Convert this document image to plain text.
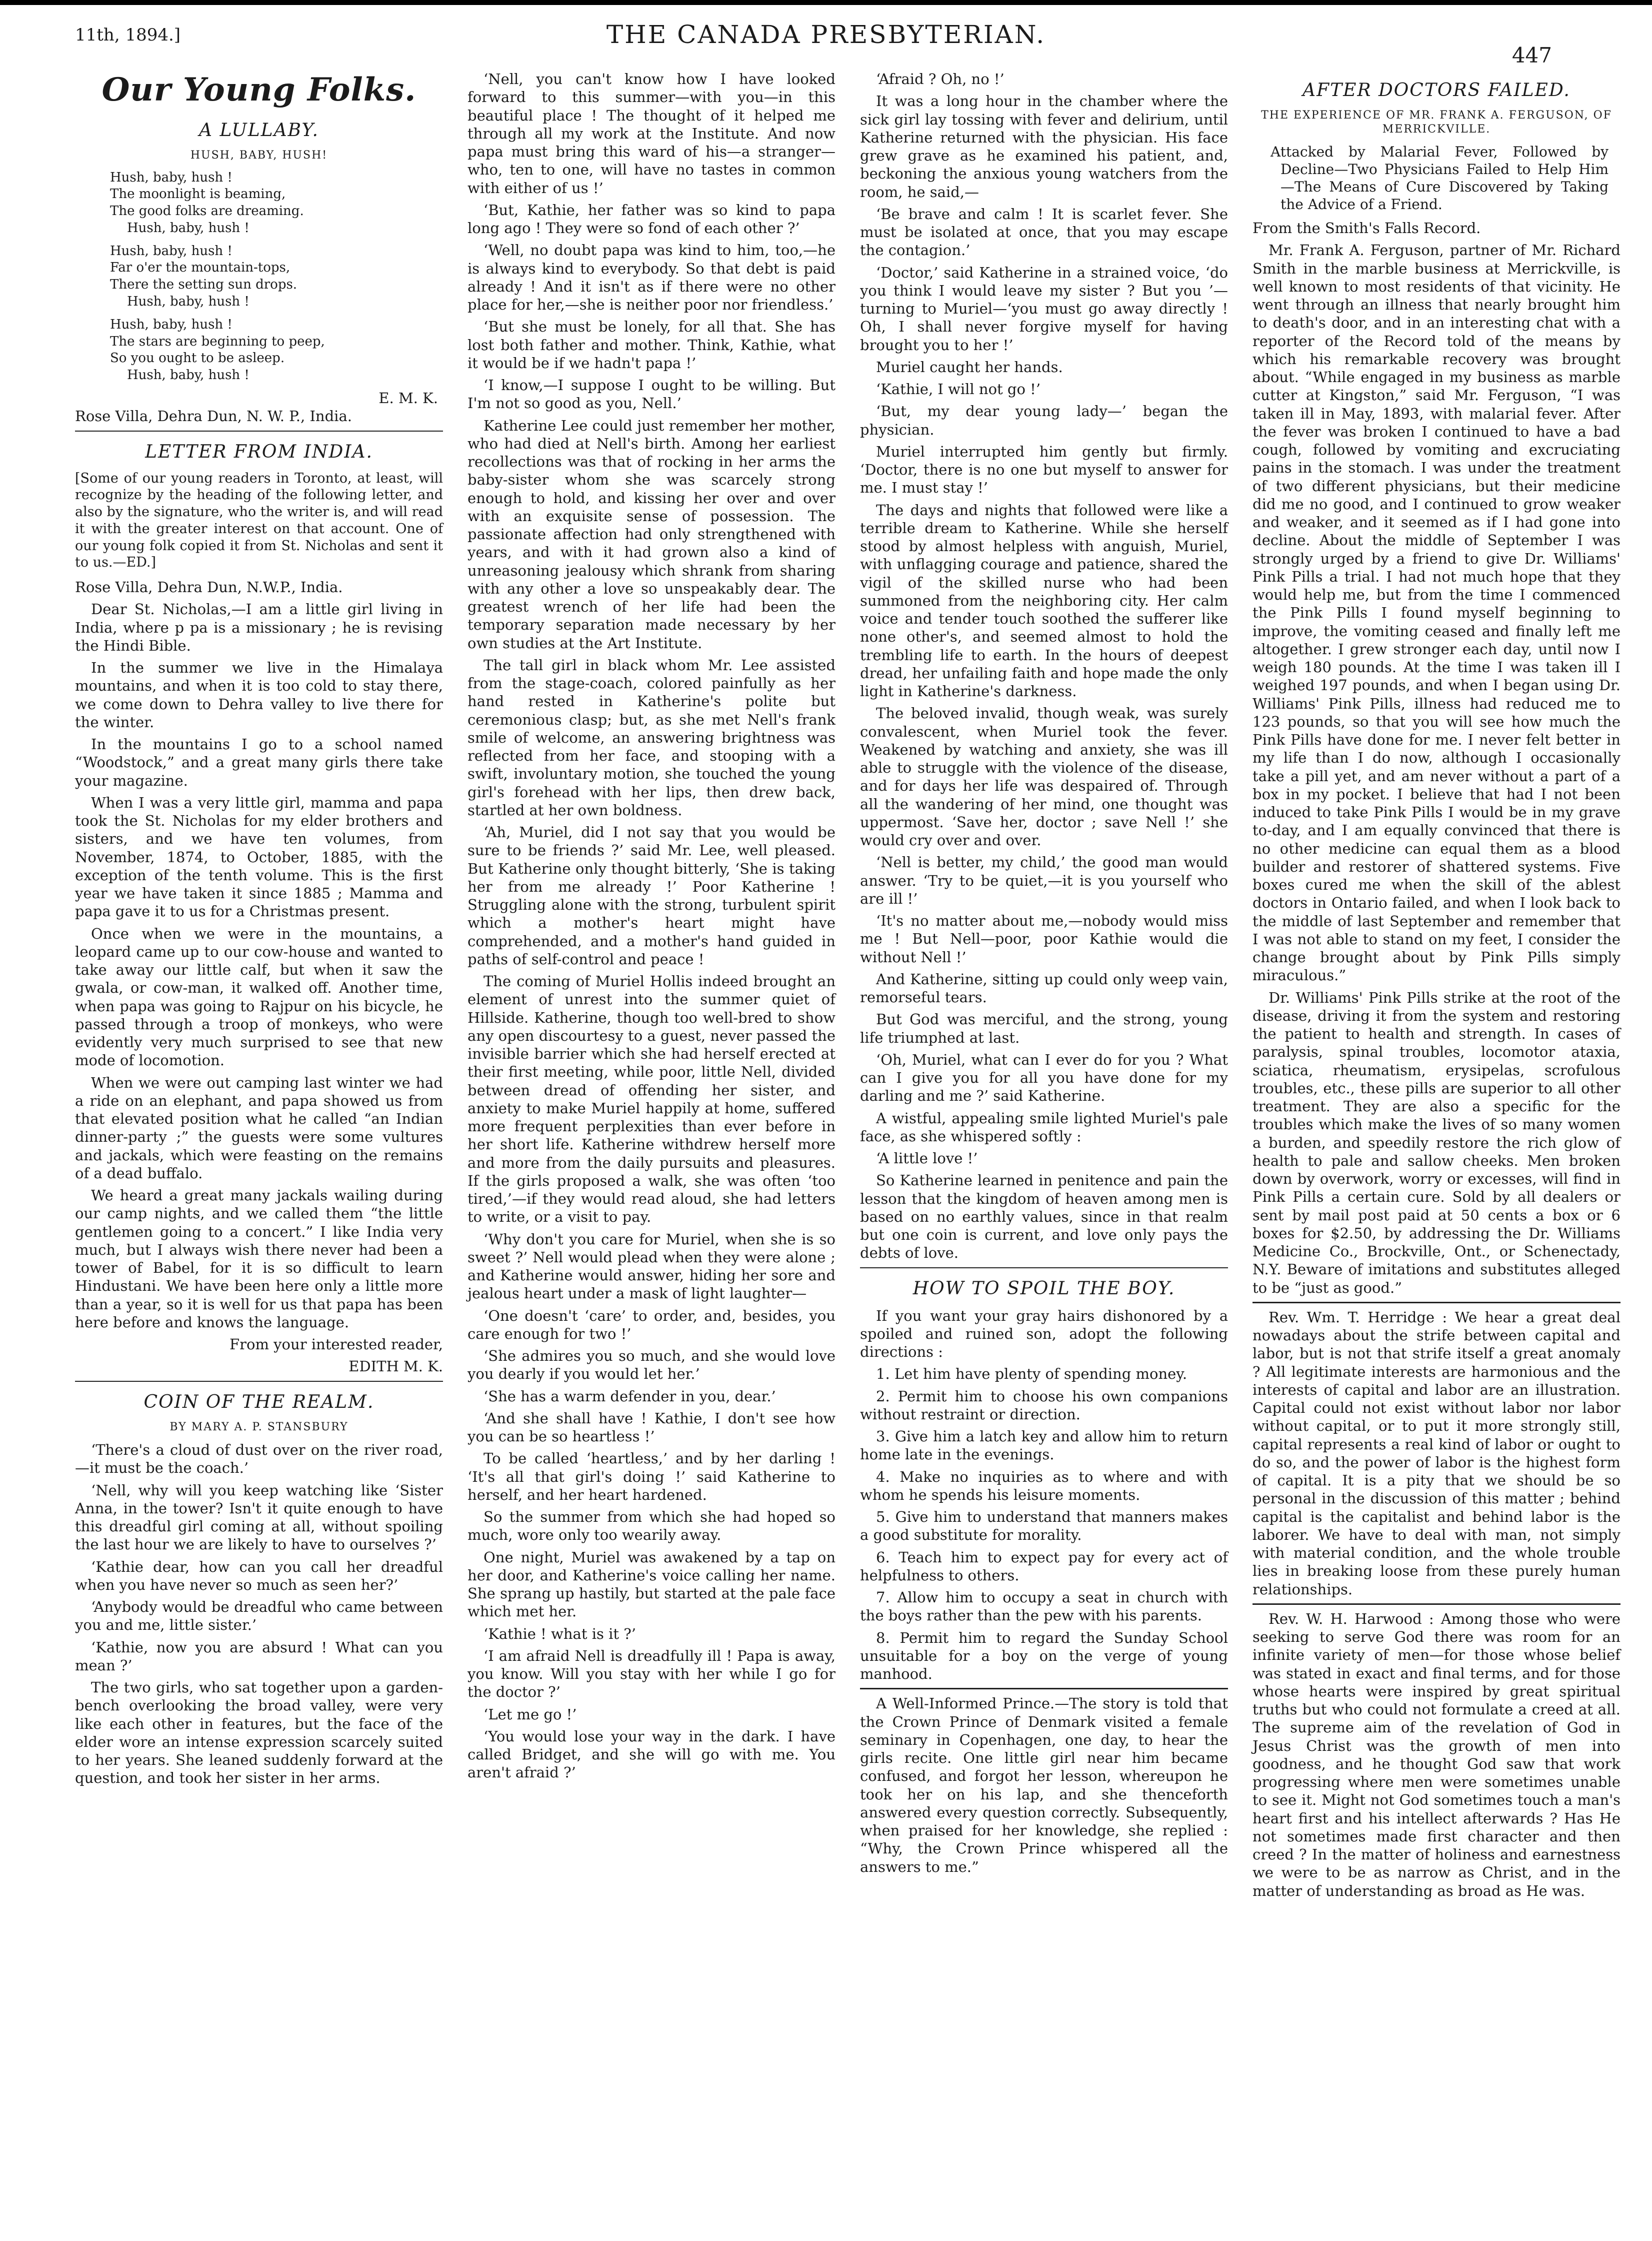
11th, 1894.]	THE CANADA PRESBYTERIAN.
447
Our Young Folks.
A LULLABY.
HUSH, BABY, HUSH!
Hush, baby, hush !
The moonlight is beaming,
The good folks are dreaming.
Hush, baby, hush !
Hush, baby, hush !
Far o'er the mountain-tops,
There the setting sun drops.
Hush, baby, hush !
Hush, baby, hush !
The stars are beginning to peep,
So you ought to be asleep.
Hush, baby, hush !
E. M. K.

Rose Villa, Dehra Dun, N. W. P., India.

LETTER FROM INDIA.
[Some of our young readers in Toronto, at least, will recognize by the heading of the following letter, and also by the signature, who the writer is, and will read it with the greater interest on that account. One of our young folk copied it from St. Nicholas and sent it to us.—ED.]

Rose Villa, Dehra Dun, N.W.P., India.

Dear St. Nicholas,—I am a little girl living in India, where p pa is a missionary ; he is revising the Hindi Bible.

In the summer we live in the Himalaya mountains, and when it is too cold to stay there, we come down to Dehra valley to live there for the winter.

In the mountains I go to a school named “Woodstock,” and a great many girls there take your magazine.

When I was a very little girl, mamma and papa took the St. Nicholas for my elder brothers and sisters, and we have ten volumes, from November, 1874, to October, 1885, with the exception of the tenth volume. This is the first year we have taken it since 1885 ; Mamma and papa gave it to us for a Christmas present.

Once when we were in the mountains, a leopard came up to our cow-house and wanted to take away our little calf, but when it saw the gwala, or cow-man, it walked off. Another time, when papa was going to Rajpur on his bicycle, he passed through a troop of monkeys, who were evidently very much surprised to see that new mode of locomotion.

When we were out camping last winter we had a ride on an elephant, and papa showed us from that elevated position what he called “an Indian dinner-party ;” the guests were some vultures and jackals, which were feasting on the remains of a dead buffalo.

We heard a great many jackals wailing during our camp nights, and we called them “the little gentlemen going to a concert.” I like India very much, but I always wish there never had been a tower of Babel, for it is so difficult to learn Hindustani. We have been here only a little more than a year, so it is well for us that papa has been here before and knows the language.

From your interested reader,

EDITH M. K.

COIN OF THE REALM.
BY MARY A. P. STANSBURY

‘There's a cloud of dust over on the river road,—it must be the coach.’

‘Nell, why will you keep watching like ‘Sister Anna, in the tower? Isn't it quite enough to have this dreadful girl coming at all, without spoiling the last hour we are likely to have to ourselves ?’

‘Kathie dear, how can you call her dreadful when you have never so much as seen her?’

‘Anybody would be dreadful who came between you and me, little sister.’

‘Kathie, now you are absurd ! What can you mean ?’

The two girls, who sat together upon a garden-bench overlooking the broad valley, were very like each other in features, but the face of the elder wore an intense expression scarcely suited to her years. She leaned suddenly forward at the question, and took her sister in her arms.

‘Nell, you can't know how I have looked forward to this summer—with you—in this beautiful place ! The thought of it helped me through all my work at the Institute. And now papa must bring this ward of his—a stranger—who, ten to one, will have no tastes in common with either of us !’

‘But, Kathie, her father was so kind to papa long ago ! They were so fond of each other ?’

‘Well, no doubt papa was kind to him, too,—he is always kind to everybody. So that debt is paid already ! And it isn't as if there were no other place for her,—she is neither poor nor friendless.’

‘But she must be lonely, for all that. She has lost both father and mother. Think, Kathie, what it would be if we hadn't papa !’

‘I know,—I suppose I ought to be willing. But I'm not so good as you, Nell.’

Katherine Lee could just remember her mother, who had died at Nell's birth. Among her earliest recollections was that of rocking in her arms the baby-sister whom she was scarcely strong enough to hold, and kissing her over and over with an exquisite sense of possession. The passionate affection had only strengthened with years, and with it had grown also a kind of unreasoning jealousy which shrank from sharing with any other a love so unspeakably dear. The greatest wrench of her life had been the temporary separation made necessary by her own studies at the Art Institute.

The tall girl in black whom Mr. Lee assisted from the stage-coach, colored painfully as her hand rested in Katherine's polite but ceremonious clasp; but, as she met Nell's frank smile of welcome, an answering brightness was reflected from her face, and stooping with a swift, involuntary motion, she touched the young girl's forehead with her lips, then drew back, startled at her own boldness.

‘Ah, Muriel, did I not say that you would be sure to be friends ?’ said Mr. Lee, well pleased. But Katherine only thought bitterly, ‘She is taking her from me already !’ Poor Katherine ! Struggling alone with the strong, turbulent spirit which a mother's heart might have comprehended, and a mother's hand guided in paths of self-control and peace !

The coming of Muriel Hollis indeed brought an element of unrest into the summer quiet of Hillside. Katherine, though too well-bred to show any open discourtesy to a guest, never passed the invisible barrier which she had herself erected at their first meeting, while poor, little Nell, divided between dread of offending her sister, and anxiety to make Muriel happily at home, suffered more frequent perplexities than ever before in her short life. Katherine withdrew herself more and more from the daily pursuits and pleasures. If the girls proposed a walk, she was often ‘too tired,’—if they would read aloud, she had letters to write, or a visit to pay.

‘Why don't you care for Muriel, when she is so sweet ?’ Nell would plead when they were alone ; and Katherine would answer, hiding her sore and jealous heart under a mask of light laughter—

‘One doesn't ‘care’ to order, and, besides, you care enough for two !’

‘She admires you so much, and she would love you dearly if you would let her.’

‘She has a warm defender in you, dear.’

‘And she shall have ! Kathie, I don't see how you can be so heartless !’

To be called ‘heartless,’ and by her darling ! ‘It's all that girl's doing !’ said Katherine to herself, and her heart hardened.

So the summer from which she had hoped so much, wore only too wearily away.

One night, Muriel was awakened by a tap on her door, and Katherine's voice calling her name. She sprang up hastily, but started at the pale face which met her.

‘Kathie ! what is it ?’

‘I am afraid Nell is dreadfully ill ! Papa is away, you know. Will you stay with her while I go for the doctor ?’

‘Let me go !’

‘You would lose your way in the dark. I have called Bridget, and she will go with me. You aren't afraid ?’

‘Afraid ? Oh, no !’

It was a long hour in the chamber where the sick girl lay tossing with fever and delirium, until Katherine returned with the physician. His face grew grave as he examined his patient, and, beckoning the anxious young watchers from the room, he said,—

‘Be brave and calm ! It is scarlet fever. She must be isolated at once, that you may escape the contagion.’

‘Doctor,’ said Katherine in a strained voice, ‘do you think I would leave my sister ? But you ’—turning to Muriel—‘you must go away directly ! Oh, I shall never forgive myself for having brought you to her !’

Muriel caught her hands.

‘Kathie, I will not go !’

‘But, my dear young lady—’ began the physician.

Muriel interrupted him gently but firmly. ‘Doctor, there is no one but myself to answer for me. I must stay !’

The days and nights that followed were like a terrible dream to Katherine. While she herself stood by almost helpless with anguish, Muriel, with unflagging courage and patience, shared the vigil of the skilled nurse who had been summoned from the neighboring city. Her calm voice and tender touch soothed the sufferer like none other's, and seemed almost to hold the trembling life to earth. In the hours of deepest dread, her unfailing faith and hope made the only light in Katherine's darkness.

The beloved invalid, though weak, was surely convalescent, when Muriel took the fever. Weakened by watching and anxiety, she was ill able to struggle with the violence of the disease, and for days her life was despaired of. Through all the wandering of her mind, one thought was uppermost. ‘Save her, doctor ; save Nell !’ she would cry over and over.

‘Nell is better, my child,’ the good man would answer. ‘Try to be quiet,—it is you yourself who are ill !’

‘It's no matter about me,—nobody would miss me ! But Nell—poor, poor Kathie would die without Nell !’

And Katherine, sitting up could only weep vain, remorseful tears.

But God was merciful, and the strong, young life triumphed at last.

‘Oh, Muriel, what can I ever do for you ? What can I give you for all you have done for my darling and me ?’ said Katherine.

A wistful, appealing smile lighted Muriel's pale face, as she whispered softly :

‘A little love !’

So Katherine learned in penitence and pain the lesson that the kingdom of heaven among men is based on no earthly values, since in that realm but one coin is current, and love only pays the debts of love.

HOW TO SPOIL THE BOY.

If you want your gray hairs dishonored by a spoiled and ruined son, adopt the following directions :

1. Let him have plenty of spending money.

2. Permit him to choose his own companions without restraint or direction.

3. Give him a latch key and allow him to return home late in the evenings.

4. Make no inquiries as to where and with whom he spends his leisure moments.

5. Give him to understand that manners makes a good substitute for morality.

6. Teach him to expect pay for every act of helpfulness to others.

7. Allow him to occupy a seat in church with the boys rather than the pew with his parents.

8. Permit him to regard the Sunday School unsuitable for a boy on the verge of young manhood.

A Well-Informed Prince.—The story is told that the Crown Prince of Denmark visited a female seminary in Copenhagen, one day, to hear the girls recite. One little girl near him became confused, and forgot her lesson, whereupon he took her on his lap, and she thenceforth answered every question correctly. Subsequently, when praised for her knowledge, she replied : “Why, the Crown Prince whispered all the answers to me.”

AFTER DOCTORS FAILED.
THE EXPERIENCE OF MR. FRANK A. FERGUSON, OF MERRICKVILLE.
Attacked by Malarial Fever, Followed by Decline—Two Physicians Failed to Help Him—The Means of Cure Discovered by Taking the Advice of a Friend.

From the Smith's Falls Record.

Mr. Frank A. Ferguson, partner of Mr. Richard Smith in the marble business at Merrickville, is well known to most residents of that vicinity. He went through an illness that nearly brought him to death's door, and in an interesting chat with a reporter of the Record told of the means by which his remarkable recovery was brought about. “While engaged in my business as marble cutter at Kingston,” said Mr. Ferguson, “I was taken ill in May, 1893, with malarial fever. After the fever was broken I continued to have a bad cough, followed by vomiting and excruciating pains in the stomach. I was under the treatment of two different physicians, but their medicine did me no good, and I continued to grow weaker and weaker, and it seemed as if I had gone into decline. About the middle of September I was strongly urged by a friend to give Dr. Williams' Pink Pills a trial. I had not much hope that they would help me, but from the time I commenced the Pink Pills I found myself beginning to improve, the vomiting ceased and finally left me altogether. I grew stronger each day, until now I weigh 180 pounds. At the time I was taken ill I weighed 197 pounds, and when I began using Dr. Williams' Pink Pills, illness had reduced me to 123 pounds, so that you will see how much the Pink Pills have done for me. I never felt better in my life than I do now, although I occasionally take a pill yet, and am never without a part of a box in my pocket. I believe that had I not been induced to take Pink Pills I would be in my grave to-day, and I am equally convinced that there is no other medicine can equal them as a blood builder and restorer of shattered systems. Five boxes cured me when the skill of the ablest doctors in Ontario failed, and when I look back to the middle of last September and remember that I was not able to stand on my feet, I consider the change brought about by Pink Pills simply miraculous.”

Dr. Williams' Pink Pills strike at the root of the disease, driving it from the system and restoring the patient to health and strength. In cases of paralysis, spinal troubles, locomotor ataxia, sciatica, rheumatism, erysipelas, scrofulous troubles, etc., these pills are superior to all other treatment. They are also a specific for the troubles which make the lives of so many women a burden, and speedily restore the rich glow of health to pale and sallow cheeks. Men broken down by overwork, worry or excesses, will find in Pink Pills a certain cure. Sold by all dealers or sent by mail post paid at 50 cents a box or 6 boxes for $2.50, by addressing the Dr. Williams Medicine Co., Brockville, Ont., or Schenectady, N.Y. Beware of imitations and substitutes alleged to be “just as good.”

Rev. Wm. T. Herridge : We hear a great deal nowadays about the strife between capital and labor, but is not that strife itself a great anomaly ? All legitimate interests are harmonious and the interests of capital and labor are an illustration. Capital could not exist without labor nor labor without capital, or to put it more strongly still, capital represents a real kind of labor or ought to do so, and the power of labor is the highest form of capital. It is a pity that we should be so personal in the discussion of this matter ; behind capital is the capitalist and behind labor is the laborer. We have to deal with man, not simply with material condition, and the whole trouble lies in breaking loose from these purely human relationships.

Rev. W. H. Harwood : Among those who were seeking to serve God there was room for an infinite variety of men—for those whose belief was stated in exact and final terms, and for those whose hearts were inspired by great spiritual truths but who could not formulate a creed at all. The supreme aim of the revelation of God in Jesus Christ was the growth of men into goodness, and he thought God saw that work progressing where men were sometimes unable to see it. Might not God sometimes touch a man's heart first and his intellect afterwards ? Has He not sometimes made first character and then creed ? In the matter of holiness and earnestness we were to be as narrow as Christ, and in the matter of understanding as broad as He was.
